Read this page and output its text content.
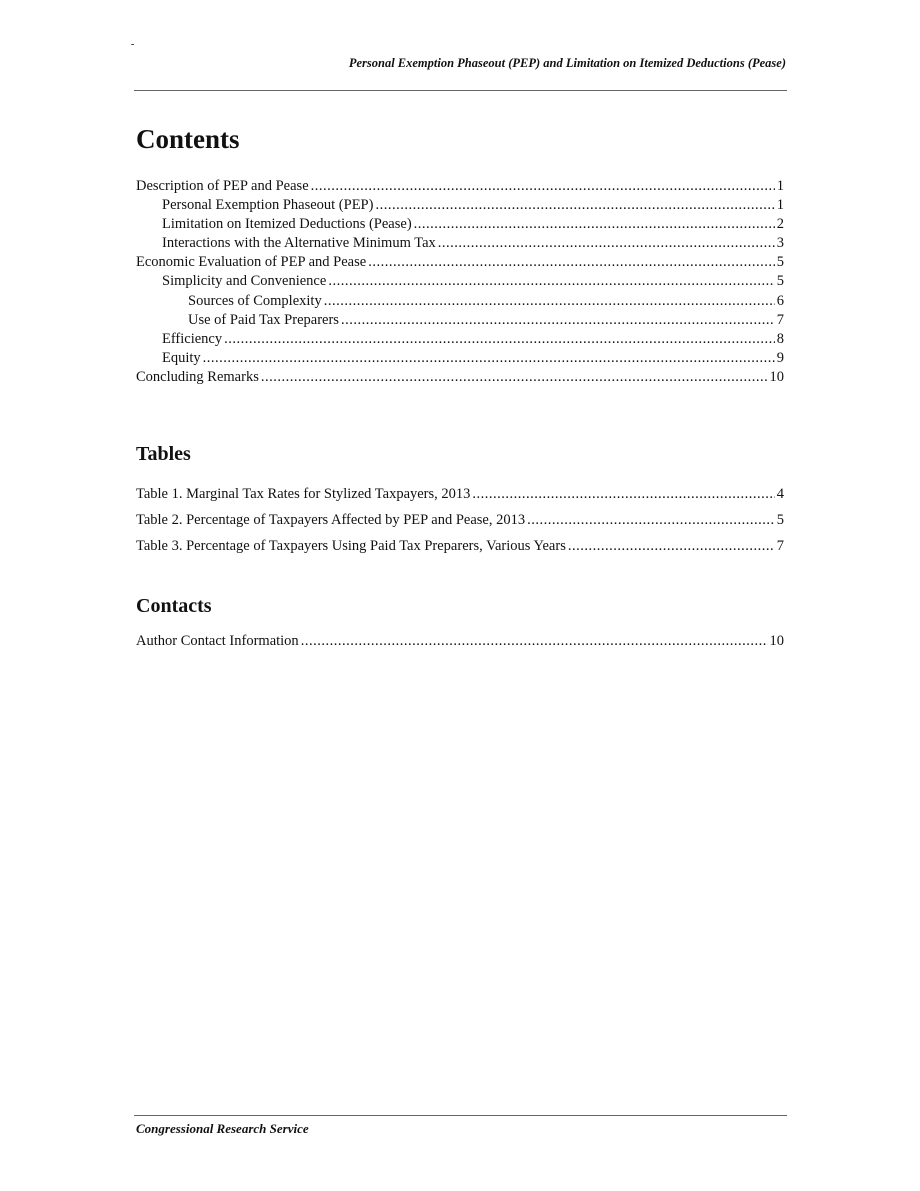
-
Personal Exemption Phaseout (PEP) and Limitation on Itemized Deductions (Pease)
Contents
Description of PEP and Pease .....	1
Personal Exemption Phaseout (PEP) .....	1
Limitation on Itemized Deductions (Pease) .....	2
Interactions with the Alternative Minimum Tax .....	3
Economic Evaluation of PEP and Pease .....	5
Simplicity and Convenience .....	5
Sources of Complexity .....	6
Use of Paid Tax Preparers .....	7
Efficiency .....	8
Equity .....	9
Concluding Remarks .....	10
Tables
Table 1. Marginal Tax Rates for Stylized Taxpayers, 2013 .....	4
Table 2. Percentage of Taxpayers Affected by PEP and Pease, 2013 .....	5
Table 3. Percentage of Taxpayers Using Paid Tax Preparers, Various Years .....	7
Contacts
Author Contact Information .....	10
Congressional Research Service
